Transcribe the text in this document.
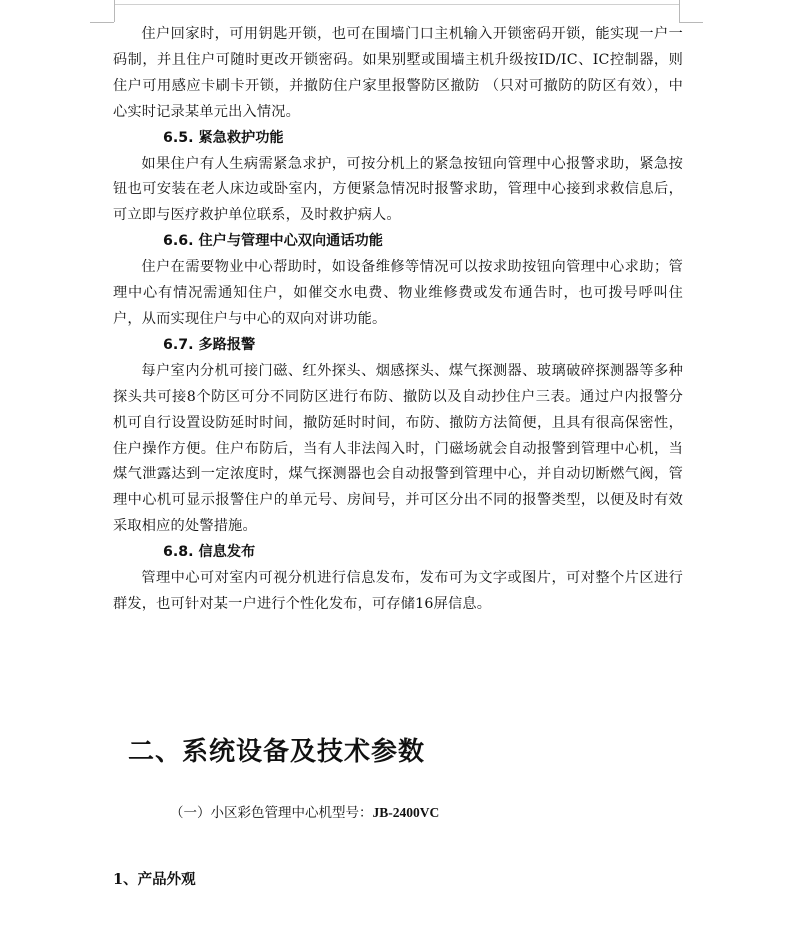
住户回家时，可用钥匙开锁，也可在围墙门口主机输入开锁密码开锁，能实现一户一码制，并且住户可随时更改开锁密码。如果别墅或围墙主机升级按ID/IC、IC控制器，则住户可用感应卡刷卡开锁，并撤防住户家里报警防区撤防 （只对可撤防的防区有效），中心实时记录某单元出入情况。

6.5. 紧急救护功能

如果住户有人生病需紧急求护，可按分机上的紧急按钮向管理中心报警求助，紧急按钮也可安装在老人床边或卧室内，方便紧急情况时报警求助，管理中心接到求救信息后，可立即与医疗救护单位联系，及时救护病人。

6.6. 住户与管理中心双向通话功能

住户在需要物业中心帮助时，如设备维修等情况可以按求助按钮向管理中心求助；管理中心有情况需通知住户，如催交水电费、物业维修费或发布通告时，也可拨号呼叫住户，从而实现住户与中心的双向对讲功能。

6.7. 多路报警

每户室内分机可接门磁、红外探头、烟感探头、煤气探测器、玻璃破碎探测器等多种探头共可接8个防区可分不同防区进行布防、撤防以及自动抄住户三表。通过户内报警分机可自行设置设防延时时间，撤防延时时间，布防、撤防方法简便，且具有很高保密性，住户操作方便。住户布防后，当有人非法闯入时，门磁场就会自动报警到管理中心机，当煤气泄露达到一定浓度时，煤气探测器也会自动报警到管理中心，并自动切断燃气阀，管理中心机可显示报警住户的单元号、房间号，并可区分出不同的报警类型，以便及时有效采取相应的处警措施。

6.8. 信息发布

管理中心可对室内可视分机进行信息发布，发布可为文字或图片，可对整个片区进行群发，也可针对某一户进行个性化发布，可存储16屏信息。

二、系统设备及技术参数

（一）小区彩色管理中心机型号：JB-2400VC

1、产品外观
